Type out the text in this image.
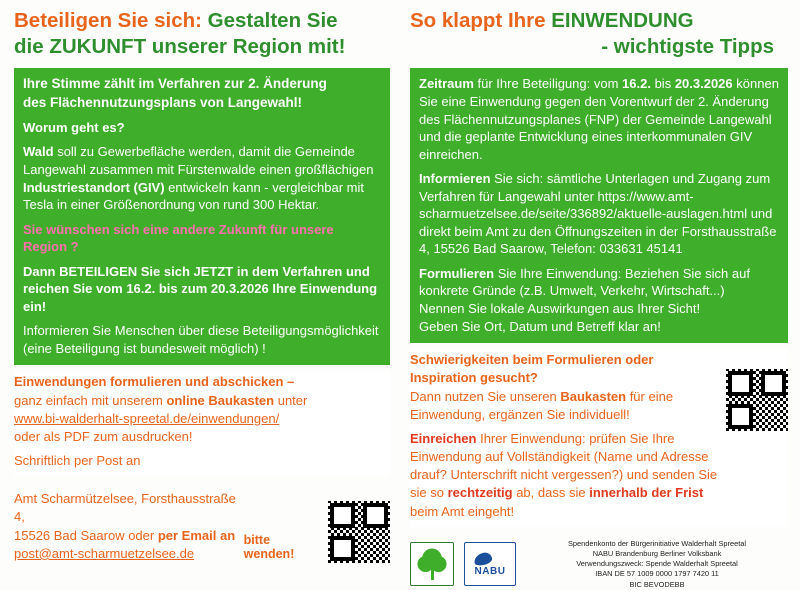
Beteiligen Sie sich: Gestalten Sie
die ZUKUNFT unserer Region mit!

Ihre Stimme zählt im Verfahren zur 2. Änderung
des Flächennutzungsplans von Langewahl!

Worum geht es?

Wald soll zu Gewerbefläche werden, damit die Gemeinde Langewahl zusammen mit Fürstenwalde einen großflächigen Industriestandort (GIV) entwickeln kann - vergleichbar mit Tesla in einer Größenordnung von rund 300 Hektar.

Sie wünschen sich eine andere Zukunft für unsere Region ?

Dann BETEILIGEN Sie sich JETZT in dem Verfahren und reichen Sie vom 16.2. bis zum 20.3.2026 Ihre Einwendung ein!

Informieren Sie Menschen über diese Beteiligungsmöglichkeit (eine Beteiligung ist bundesweit möglich) !

Einwendungen formulieren und abschicken –
ganz einfach mit unserem online Baukasten unter
www.bi-walderhalt-spreetal.de/einwendungen/
oder als PDF zum ausdrucken!

Schriftlich per Post an

Amt Scharmützelsee, Forsthausstraße 4,
15526 Bad Saarow oder per Email an
post@amt-scharmuetzelsee.de
bitte wenden!
So klappt Ihre EINWENDUNG
- wichtigste Tipps

Zeitraum für Ihre Beteiligung: vom 16.2. bis 20.3.2026 können Sie eine Einwendung gegen den Vorentwurf der 2. Änderung des Flächennutzungsplanes (FNP) der Gemeinde Langewahl und die geplante Entwicklung eines interkommunalen GIV einreichen.

Informieren Sie sich: sämtliche Unterlagen und Zugang zum Verfahren für Langewahl unter https://www.amt-scharmuetzelsee.de/seite/336892/aktuelle-auslagen.html und direkt beim Amt zu den Öffnungszeiten in der Forsthausstraße 4, 15526 Bad Saarow, Telefon: 033631 45141

Formulieren Sie Ihre Einwendung: Beziehen Sie sich auf konkrete Gründe (z.B. Umwelt, Verkehr, Wirtschaft...)
Nennen Sie lokale Auswirkungen aus Ihrer Sicht!
Geben Sie Ort, Datum und Betreff klar an!

Schwierigkeiten beim Formulieren oder Inspiration gesucht?
Dann nutzen Sie unseren Baukasten für eine
Einwendung, ergänzen Sie individuell!

Einreichen Ihrer Einwendung: prüfen Sie Ihre Einwendung auf Vollständigkeit (Name und Adresse drauf? Unterschrift nicht vergessen?) und senden Sie sie so rechtzeitig ab, dass sie innerhalb der Frist beim Amt eingeht!

NABU
Spendenkonto der Bürgerinitiative Walderhalt Spreetal
NABU Brandenburg Berliner Volksbank
Verwendungszweck: Spende Walderhalt Spreetal
IBAN DE 57 1009 0000 1797 7420 11
BIC BEVODEBB
